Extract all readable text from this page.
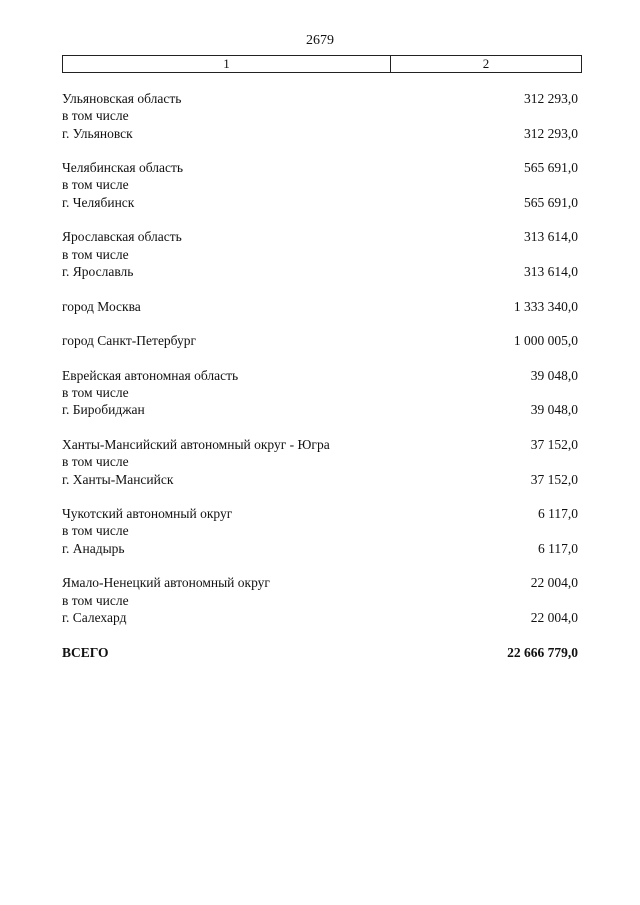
2679
1	2
Ульяновская область	312 293,0
в том числе
г. Ульяновск	312 293,0
Челябинская область	565 691,0
в том числе
г. Челябинск	565 691,0
Ярославская область	313 614,0
в том числе
г. Ярославль	313 614,0
город Москва	1 333 340,0
город Санкт-Петербург	1 000 005,0
Еврейская автономная область	39 048,0
в том числе
г. Биробиджан	39 048,0
Ханты-Мансийский автономный округ - Югра	37 152,0
в том числе
г. Ханты-Мансийск	37 152,0
Чукотский автономный округ	6 117,0
в том числе
г. Анадырь	6 117,0
Ямало-Ненецкий автономный округ	22 004,0
в том числе
г. Салехард	22 004,0
ВСЕГО	22 666 779,0
